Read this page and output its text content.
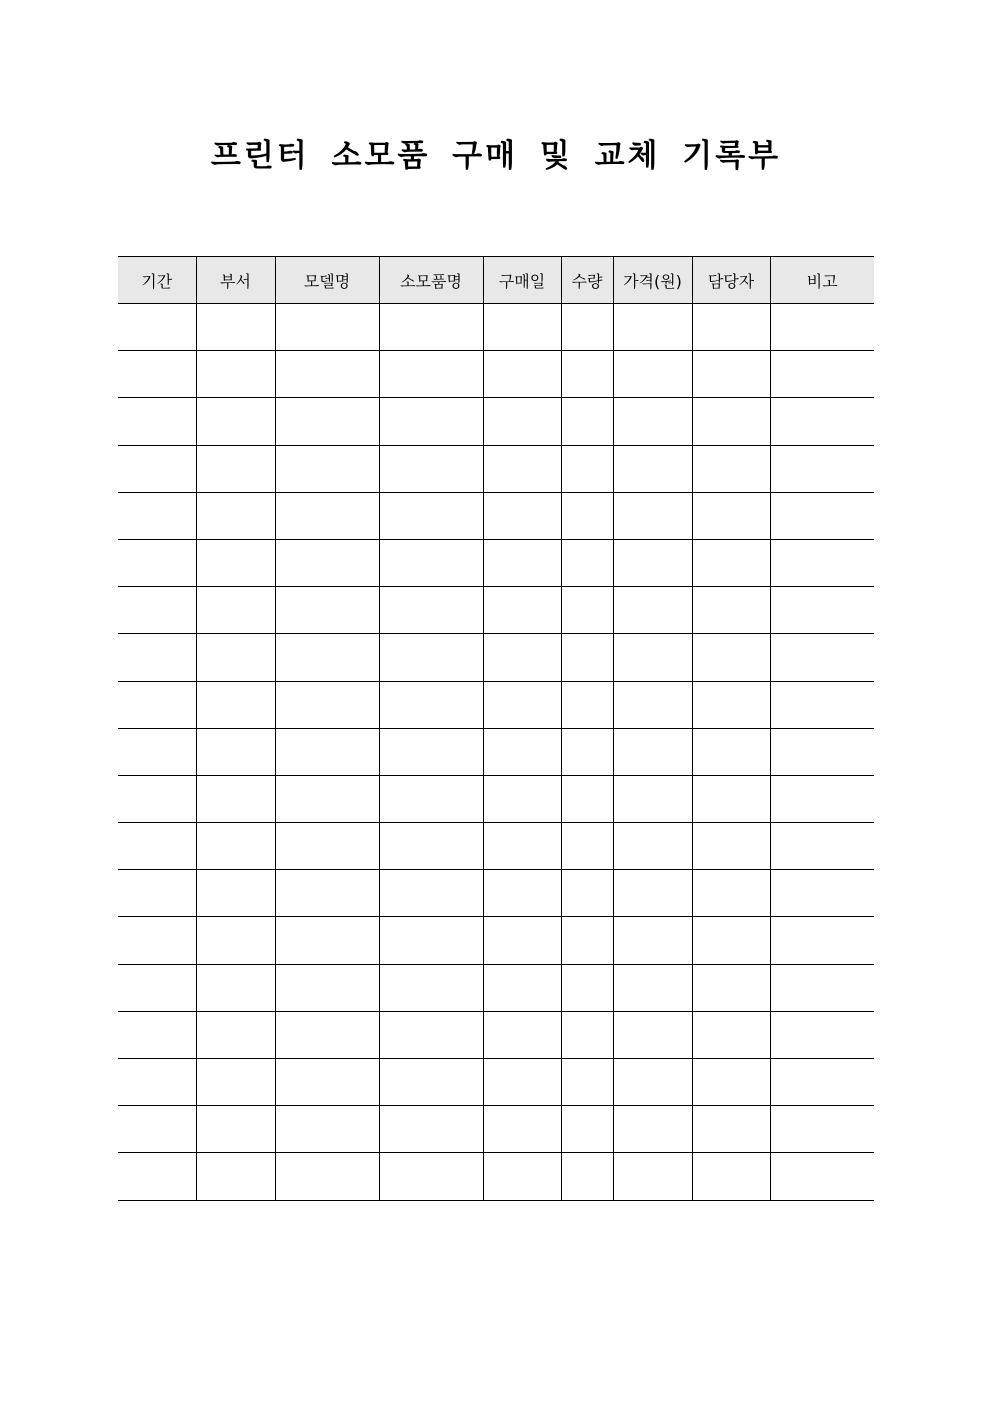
프린터 소모품 구매 및 교체 기록부
기간	부서	모델명	소모품명	구매일	수량	가격(원)	담당자	비고
